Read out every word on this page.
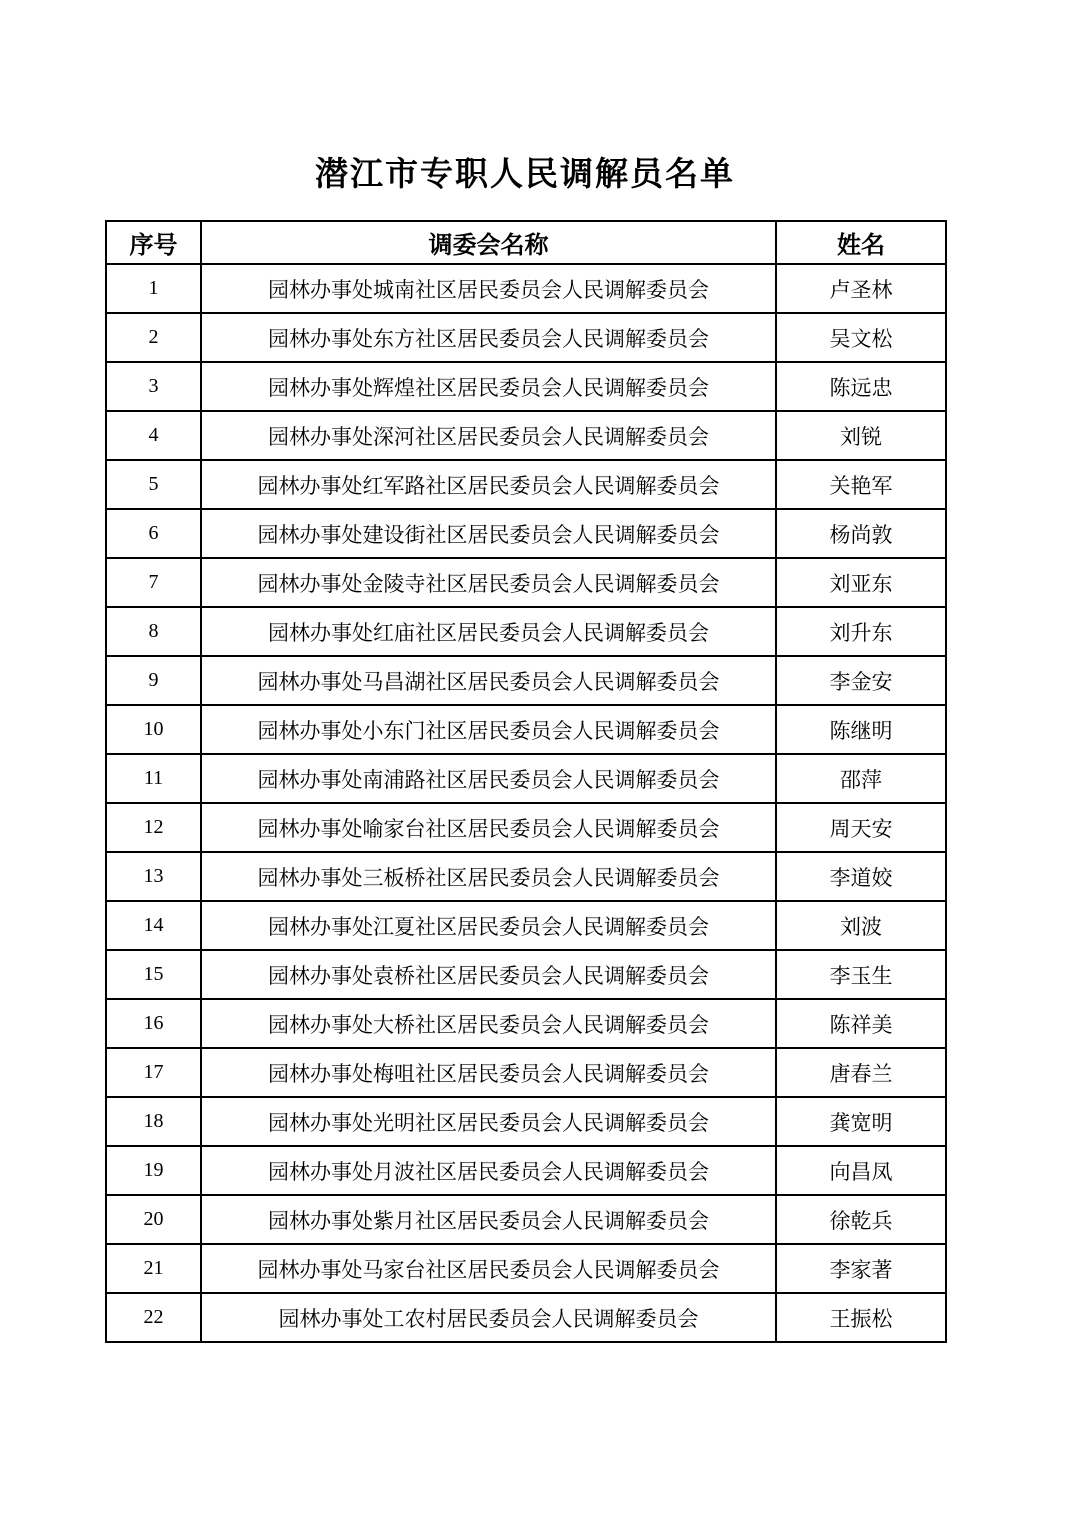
潜江市专职人民调解员名单
序号	调委会名称	姓名
1	园林办事处城南社区居民委员会人民调解委员会	卢圣林
2	园林办事处东方社区居民委员会人民调解委员会	吴文松
3	园林办事处辉煌社区居民委员会人民调解委员会	陈远忠
4	园林办事处深河社区居民委员会人民调解委员会	刘锐
5	园林办事处红军路社区居民委员会人民调解委员会	关艳军
6	园林办事处建设街社区居民委员会人民调解委员会	杨尚敦
7	园林办事处金陵寺社区居民委员会人民调解委员会	刘亚东
8	园林办事处红庙社区居民委员会人民调解委员会	刘升东
9	园林办事处马昌湖社区居民委员会人民调解委员会	李金安
10	园林办事处小东门社区居民委员会人民调解委员会	陈继明
11	园林办事处南浦路社区居民委员会人民调解委员会	邵萍
12	园林办事处喻家台社区居民委员会人民调解委员会	周天安
13	园林办事处三板桥社区居民委员会人民调解委员会	李道姣
14	园林办事处江夏社区居民委员会人民调解委员会	刘波
15	园林办事处袁桥社区居民委员会人民调解委员会	李玉生
16	园林办事处大桥社区居民委员会人民调解委员会	陈祥美
17	园林办事处梅咀社区居民委员会人民调解委员会	唐春兰
18	园林办事处光明社区居民委员会人民调解委员会	龚宽明
19	园林办事处月波社区居民委员会人民调解委员会	向昌凤
20	园林办事处紫月社区居民委员会人民调解委员会	徐乾兵
21	园林办事处马家台社区居民委员会人民调解委员会	李家著
22	园林办事处工农村居民委员会人民调解委员会	王振松
